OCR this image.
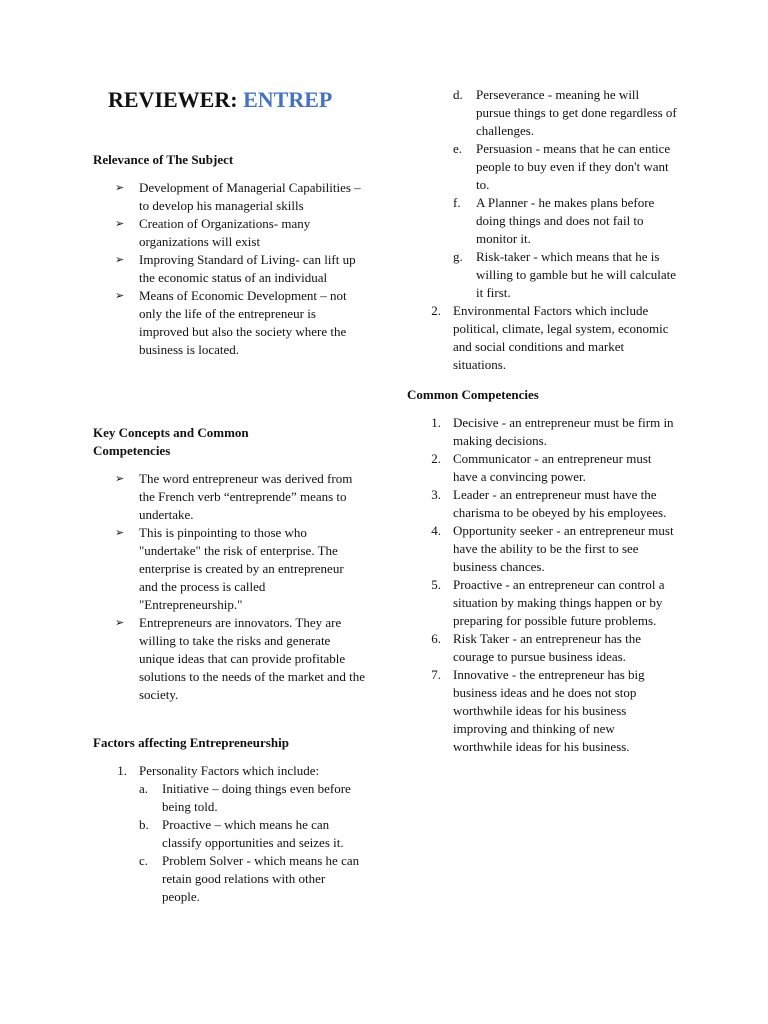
REVIEWER: ENTREP
Relevance of The Subject
➢ Development of Managerial Capabilities – to develop his managerial skills
➢ Creation of Organizations- many organizations will exist
➢ Improving Standard of Living- can lift up the economic status of an individual
➢ Means of Economic Development – not only the life of the entrepreneur is improved but also the society where the business is located.
Key Concepts and Common Competencies
➢ The word entrepreneur was derived from the French verb “entreprende” means to undertake.
➢ This is pinpointing to those who "undertake" the risk of enterprise. The enterprise is created by an entrepreneur and the process is called "Entrepreneurship."
➢ Entrepreneurs are innovators. They are willing to take the risks and generate unique ideas that can provide profitable solutions to the needs of the market and the society.
Factors affecting Entrepreneurship
1. Personality Factors which include:
a. Initiative – doing things even before being told.
b. Proactive – which means he can classify opportunities and seizes it.
c. Problem Solver - which means he can retain good relations with other people.
d. Perseverance - meaning he will pursue things to get done regardless of challenges.
e. Persuasion - means that he can entice people to buy even if they don't want to.
f. A Planner - he makes plans before doing things and does not fail to monitor it.
g. Risk-taker - which means that he is willing to gamble but he will calculate it first.
2. Environmental Factors which include political, climate, legal system, economic and social conditions and market situations.
Common Competencies
1. Decisive - an entrepreneur must be firm in making decisions.
2. Communicator - an entrepreneur must have a convincing power.
3. Leader - an entrepreneur must have the charisma to be obeyed by his employees.
4. Opportunity seeker - an entrepreneur must have the ability to be the first to see business chances.
5. Proactive - an entrepreneur can control a situation by making things happen or by preparing for possible future problems.
6. Risk Taker - an entrepreneur has the courage to pursue business ideas.
7. Innovative - the entrepreneur has big business ideas and he does not stop worthwhile ideas for his business improving and thinking of new worthwhile ideas for his business.
